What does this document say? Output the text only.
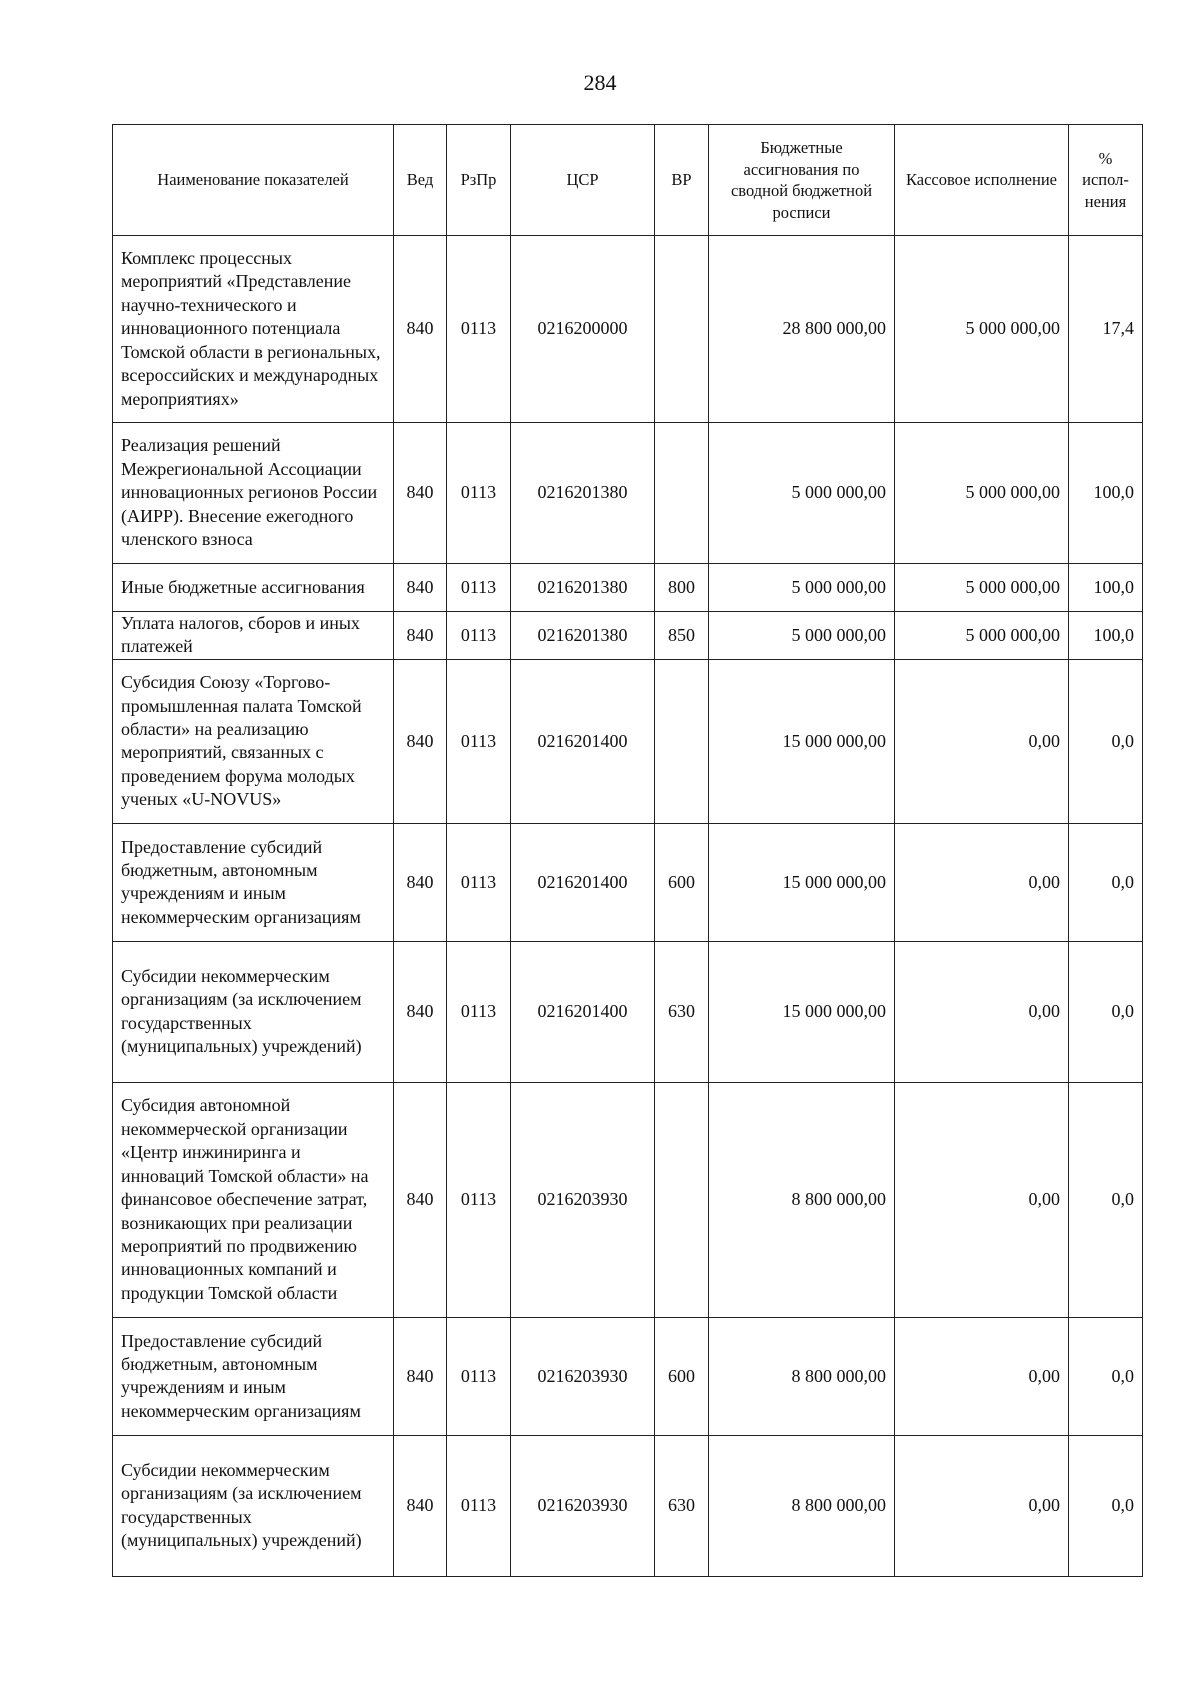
284
Наименование показателей	Вед	РзПр	ЦСР	ВР	Бюджетные ассигнования по сводной бюджетной росписи	Кассовое исполнение	% испол-нения
Комплекс процессных мероприятий «Представление научно-технического и инновационного потенциала Томской области в региональных, всероссийских и международных мероприятиях»	840	0113	0216200000		28 800 000,00	5 000 000,00	17,4
Реализация решений Межрегиональной Ассоциации инновационных регионов России (АИРР). Внесение ежегодного членского взноса	840	0113	0216201380		5 000 000,00	5 000 000,00	100,0
Иные бюджетные ассигнования	840	0113	0216201380	800	5 000 000,00	5 000 000,00	100,0
Уплата налогов, сборов и иных платежей	840	0113	0216201380	850	5 000 000,00	5 000 000,00	100,0
Субсидия Союзу «Торгово-промышленная палата Томской области» на реализацию мероприятий, связанных с проведением форума молодых ученых «U-NOVUS»	840	0113	0216201400		15 000 000,00	0,00	0,0
Предоставление субсидий бюджетным, автономным учреждениям и иным некоммерческим организациям	840	0113	0216201400	600	15 000 000,00	0,00	0,0
Субсидии некоммерческим организациям (за исключением государственных (муниципальных) учреждений)	840	0113	0216201400	630	15 000 000,00	0,00	0,0
Субсидия автономной некоммерческой организации «Центр инжиниринга и инноваций Томской области» на финансовое обеспечение затрат, возникающих при реализации мероприятий по продвижению инновационных компаний и продукции Томской области	840	0113	0216203930		8 800 000,00	0,00	0,0
Предоставление субсидий бюджетным, автономным учреждениям и иным некоммерческим организациям	840	0113	0216203930	600	8 800 000,00	0,00	0,0
Субсидии некоммерческим организациям (за исключением государственных (муниципальных) учреждений)	840	0113	0216203930	630	8 800 000,00	0,00	0,0
